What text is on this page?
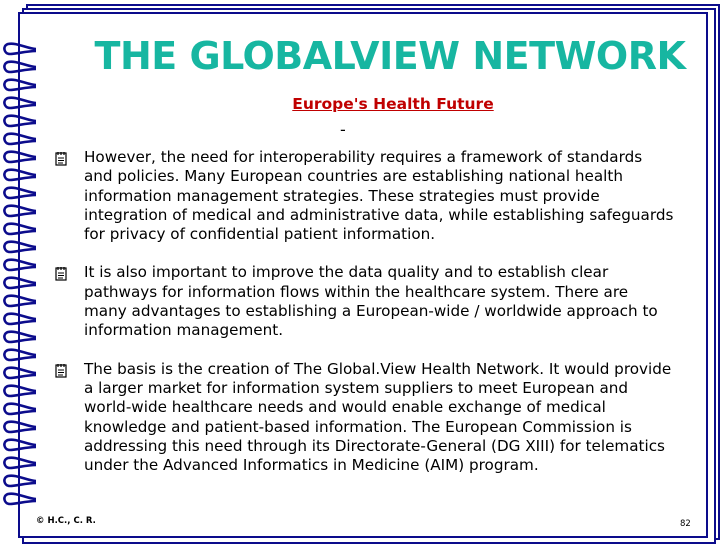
THE GLOBALVIEW NETWORK
Europe's Health Future
-
However, the need for interoperability requires a framework of standards and policies. Many European countries are establishing national health information management strategies. These strategies must provide integration of medical and administrative data, while establishing safeguards for privacy of confidential patient information.
It is also important to improve the data quality and to establish clear pathways for information flows within the healthcare system. There are many advantages to establishing a European-wide / worldwide approach to information management.
The basis is the creation of The Global.View Health Network. It would provide a larger market for information system suppliers to meet European and world-wide healthcare needs and would enable exchange of medical knowledge and patient-based information. The European Commission is addressing this need through its Directorate-General (DG XIII) for telematics under the Advanced Informatics in Medicine (AIM) program.
© H.C., C. R.	82
